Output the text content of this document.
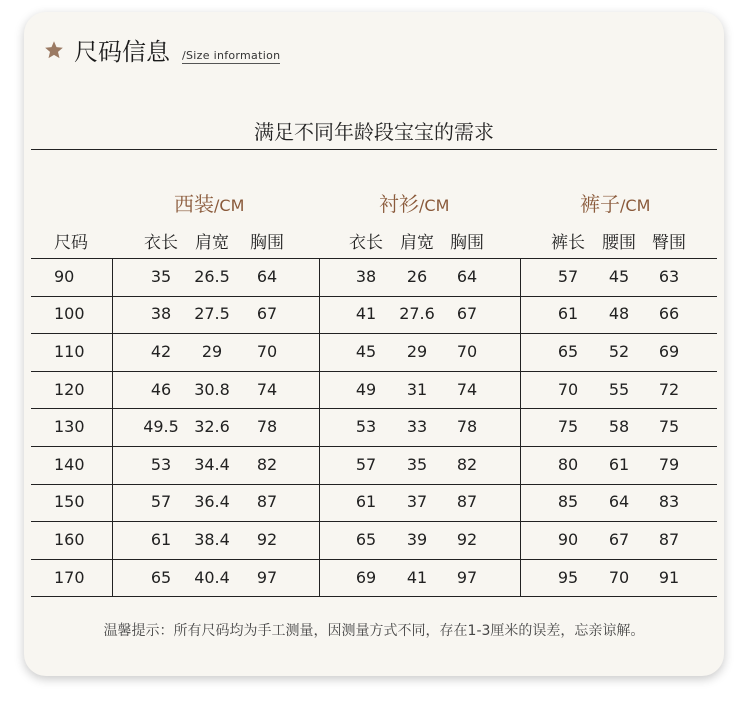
尺码信息 /Size information
满足不同年龄段宝宝的需求
西装/CM	衬衫/CM	裤子/CM
尺码	衣长	肩宽	胸围	衣长	肩宽 胸围	裤长	腰围 臀围
90	35	26.5	64	38	26	64	57	45	63
100	38	27.5	67	41	27.6	67	61	48	66
110	42	29	70	45	29	70	65	52	69
120	46	30.8	74	49	31	74	70	55	72
130	49.5 32.6	78	53	33	78	75	58	75
140	53	34.4	82	57	35	82	80	61	79
150	57	36.4	87	61	37	87	85	64	83
160	61	38.4	92	65	39	92	90	67	87
170	65	40.4	97	69	41	97	95	70	91
温馨提示：所有尺码均为手工测量，因测量方式不同，存在1-3厘米的误差，忘亲谅解。
